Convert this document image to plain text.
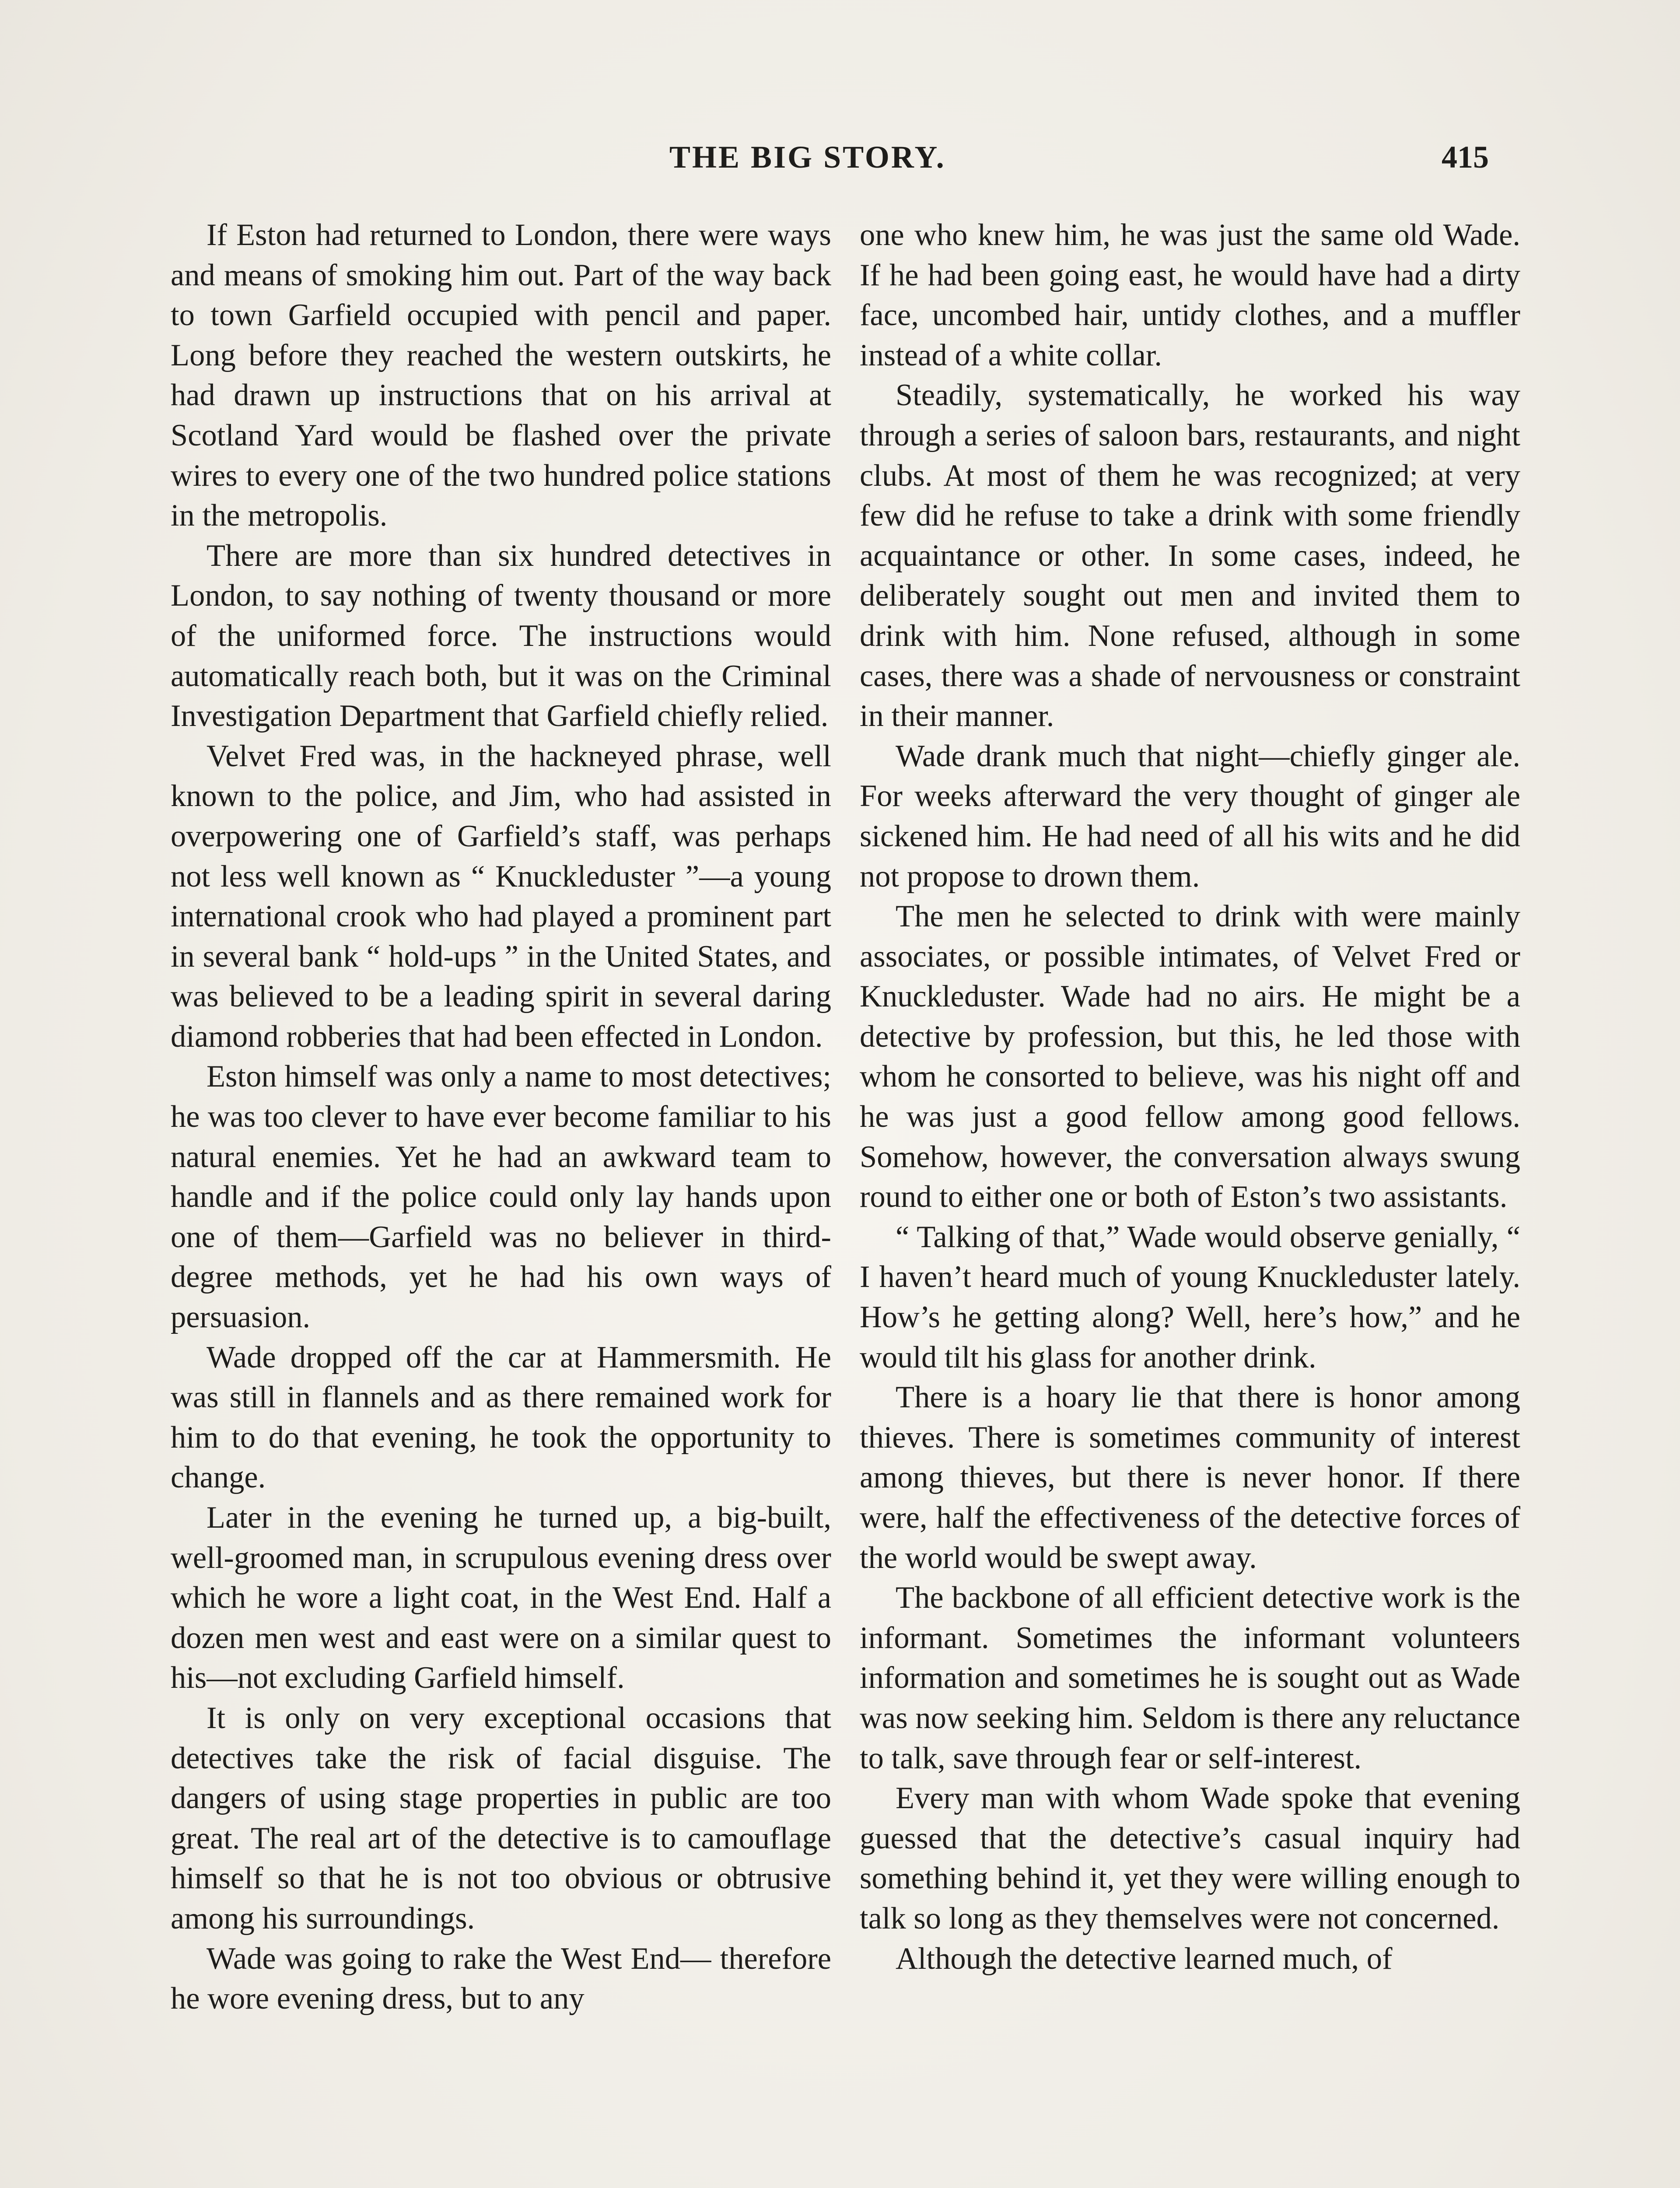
THE BIG STORY.	415

If Eston had returned to London, there were ways and means of smoking him out. Part of the way back to town Garfield occupied with pencil and paper. Long before they reached the western outskirts, he had drawn up instructions that on his arrival at Scotland Yard would be flashed over the private wires to every one of the two hundred police stations in the metropolis.

There are more than six hundred detectives in London, to say nothing of twenty thousand or more of the uniformed force. The instructions would automatically reach both, but it was on the Criminal Investigation Department that Garfield chiefly relied.

Velvet Fred was, in the hackneyed phrase, well known to the police, and Jim, who had assisted in overpowering one of Garfield’s staff, was perhaps not less well known as “ Knuckleduster ”—a young international crook who had played a prominent part in several bank “ hold-ups ” in the United States, and was believed to be a leading spirit in several daring diamond robberies that had been effected in London.

Eston himself was only a name to most detectives; he was too clever to have ever become familiar to his natural enemies. Yet he had an awkward team to handle and if the police could only lay hands upon one of them—Garfield was no believer in third-degree methods, yet he had his own ways of persuasion.

Wade dropped off the car at Hammersmith. He was still in flannels and as there remained work for him to do that evening, he took the opportunity to change.

Later in the evening he turned up, a big-built, well-groomed man, in scrupulous evening dress over which he wore a light coat, in the West End. Half a dozen men west and east were on a similar quest to his—not excluding Garfield himself.

It is only on very exceptional occasions that detectives take the risk of facial disguise. The dangers of using stage properties in public are too great. The real art of the detective is to camouflage himself so that he is not too obvious or obtrusive among his surroundings.

Wade was going to rake the West End— therefore he wore evening dress, but to any

one who knew him, he was just the same old Wade. If he had been going east, he would have had a dirty face, uncombed hair, untidy clothes, and a muffler instead of a white collar.

Steadily, systematically, he worked his way through a series of saloon bars, restaurants, and night clubs. At most of them he was recognized; at very few did he refuse to take a drink with some friendly acquaintance or other. In some cases, indeed, he deliberately sought out men and invited them to drink with him. None refused, although in some cases, there was a shade of nervousness or constraint in their manner.

Wade drank much that night—chiefly ginger ale. For weeks afterward the very thought of ginger ale sickened him. He had need of all his wits and he did not propose to drown them.

The men he selected to drink with were mainly associates, or possible intimates, of Velvet Fred or Knuckleduster. Wade had no airs. He might be a detective by profession, but this, he led those with whom he consorted to believe, was his night off and he was just a good fellow among good fellows. Somehow, however, the conversation always swung round to either one or both of Eston’s two assistants.

“ Talking of that,” Wade would observe genially, “ I haven’t heard much of young Knuckleduster lately. How’s he getting along? Well, here’s how,” and he would tilt his glass for another drink.

There is a hoary lie that there is honor among thieves. There is sometimes community of interest among thieves, but there is never honor. If there were, half the effectiveness of the detective forces of the world would be swept away.

The backbone of all efficient detective work is the informant. Sometimes the informant volunteers information and sometimes he is sought out as Wade was now seeking him. Seldom is there any reluctance to talk, save through fear or self-interest.

Every man with whom Wade spoke that evening guessed that the detective’s casual inquiry had something behind it, yet they were willing enough to talk so long as they themselves were not concerned.

Although the detective learned much, of
